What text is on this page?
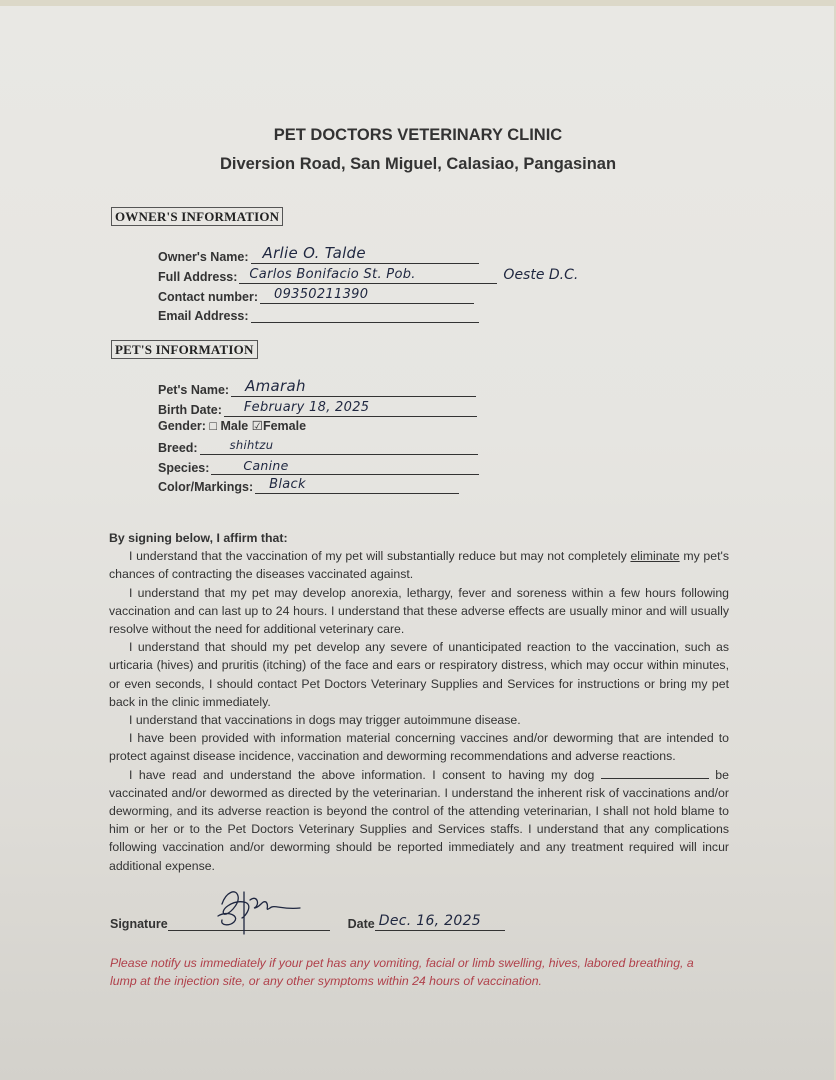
PET DOCTORS VETERINARY CLINIC
Diversion Road, San Miguel, Calasiao, Pangasinan
OWNER'S INFORMATION
Owner's Name: Arlie O. Talde
Full Address: Carlos Bonifacio St. Pob.	Oeste D.C.
Contact number: 09350211390
Email Address:
PET'S INFORMATION
Pet's Name: Amarah
Birth Date: February 18, 2025
Gender: □ Male ☑Female
Breed:	shihtzu
Species:	Canine
Color/Markings: Black

By signing below, I affirm that:

I understand that the vaccination of my pet will substantially reduce but may not completely eliminate my pet's chances of contracting the diseases vaccinated against.

I understand that my pet may develop anorexia, lethargy, fever and soreness within a few hours following vaccination and can last up to 24 hours. I understand that these adverse effects are usually minor and will usually resolve without the need for additional veterinary care.

I understand that should my pet develop any severe of unanticipated reaction to the vaccination, such as urticaria (hives) and pruritis (itching) of the face and ears or respiratory distress, which may occur within minutes, or even seconds, I should contact Pet Doctors Veterinary Supplies and Services for instructions or bring my pet back in the clinic immediately.

I understand that vaccinations in dogs may trigger autoimmune disease.

I have been provided with information material concerning vaccines and/or deworming that are intended to protect against disease incidence, vaccination and deworming recommendations and adverse reactions.

I have read and understand the above information. I consent to having my dog	be vaccinated and/or dewormed as directed by the veterinarian. I understand the inherent risk of vaccinations and/or deworming, and its adverse reaction is beyond the control of the attending veterinarian, I shall not hold blame to him or her or to the Pet Doctors Veterinary Supplies and Services staffs. I understand that any complications following vaccination and/or deworming should be reported immediately and any treatment required will incur additional expense.

Signature	Date Dec. 16, 2025
Please notify us immediately if your pet has any vomiting, facial or limb swelling, hives, labored breathing, a lump at the injection site, or any other symptoms within 24 hours of vaccination.
